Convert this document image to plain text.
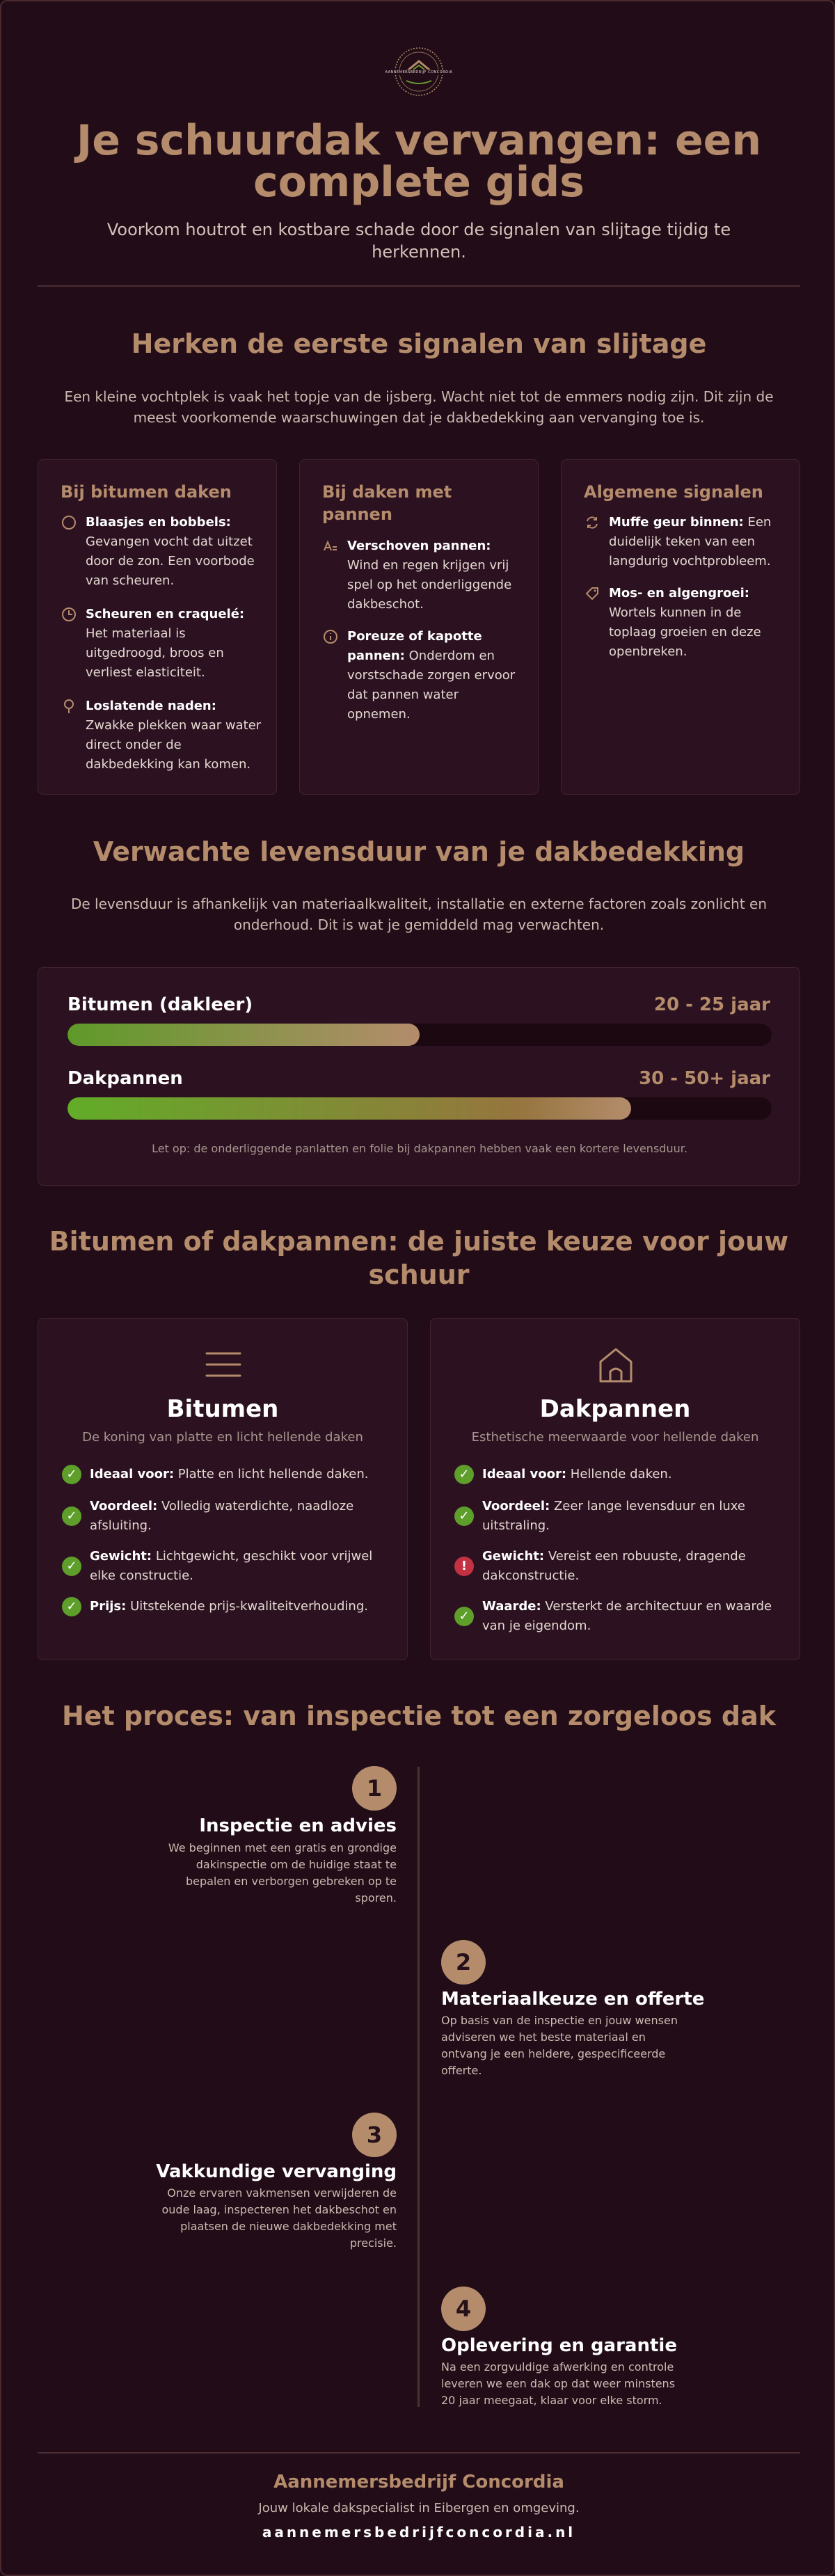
AANNEMERSBEDRIJF CONCORDIA
Je schuurdak vervangen: een complete gids

Voorkom houtrot en kostbare schade door de signalen van slijtage tijdig te herkennen.

Herken de eerste signalen van slijtage

Een kleine vochtplek is vaak het topje van de ijsberg. Wacht niet tot de emmers nodig zijn. Dit zijn de meest voorkomende waarschuwingen dat je dakbedekking aan vervanging toe is.

Bij bitumen daken
Blaasjes en bobbels: Gevangen vocht dat uitzet door de zon. Een voorbode van scheuren.
Scheuren en craquelé: Het materiaal is uitgedroogd, broos en verliest elasticiteit.
Loslatende naden: Zwakke plekken waar water direct onder de dakbedekking kan komen.
Bij daken met pannen
Verschoven pannen: Wind en regen krijgen vrij spel op het onderliggende dakbeschot.
Poreuze of kapotte pannen: Onderdom en vorstschade zorgen ervoor dat pannen water opnemen.
Algemene signalen
Muffe geur binnen: Een duidelijk teken van een langdurig vochtprobleem.
Mos- en algengroei: Wortels kunnen in de toplaag groeien en deze openbreken.
Verwachte levensduur van je dakbedekking

De levensduur is afhankelijk van materiaalkwaliteit, installatie en externe factoren zoals zonlicht en onderhoud. Dit is wat je gemiddeld mag verwachten.

Bitumen (dakleer)	20 - 25 jaar
Dakpannen	30 - 50+ jaar
Let op: de onderliggende panlatten en folie bij dakpannen hebben vaak een kortere levensduur.
Bitumen of dakpannen: de juiste keuze voor jouw schuur
Bitumen
De koning van platte en licht hellende daken
✓	Ideaal voor: Platte en licht hellende daken.
✓
Voordeel: Volledig waterdichte, naadloze afsluiting.
✓
Gewicht: Lichtgewicht, geschikt voor vrijwel elke constructie.
✓	Prijs: Uitstekende prijs-kwaliteitverhouding.
Dakpannen
Esthetische meerwaarde voor hellende daken
✓	Ideaal voor: Hellende daken.
✓
Voordeel: Zeer lange levensduur en luxe uitstraling.
!
Gewicht: Vereist een robuuste, dragende dakconstructie.
✓
Waarde: Versterkt de architectuur en waarde van je eigendom.
Het proces: van inspectie tot een zorgeloos dak
1
Inspectie en advies
We beginnen met een gratis en grondige dakinspectie om de huidige staat te bepalen en verborgen gebreken op te sporen.
2
Materiaalkeuze en offerte
Op basis van de inspectie en jouw wensen adviseren we het beste materiaal en ontvang je een heldere, gespecificeerde offerte.
3
Vakkundige vervanging
Onze ervaren vakmensen verwijderen de oude laag, inspecteren het dakbeschot en plaatsen de nieuwe dakbedekking met precisie.
4
Oplevering en garantie
Na een zorgvuldige afwerking en controle leveren we een dak op dat weer minstens 20 jaar meegaat, klaar voor elke storm.
Aannemersbedrijf Concordia
Jouw lokale dakspecialist in Eibergen en omgeving.
aannemersbedrijfconcordia.nl
